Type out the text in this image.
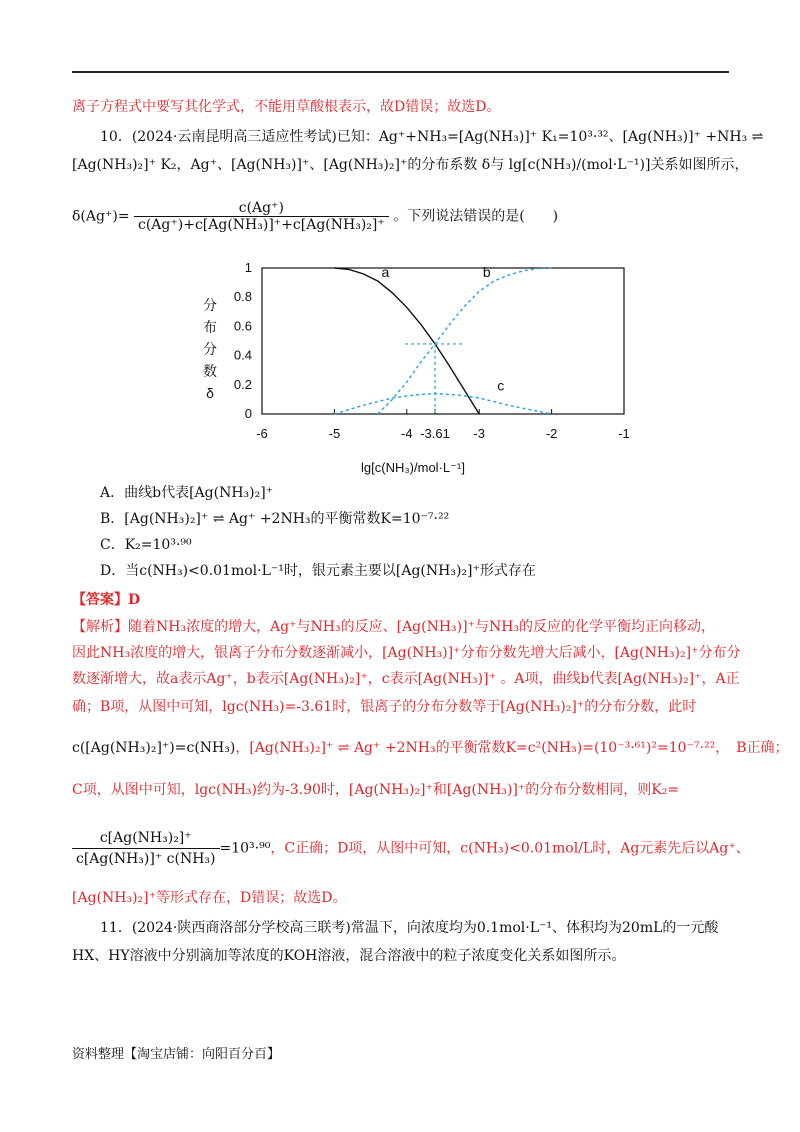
离子方程式中要写其化学式，不能用草酸根表示，故D错误；故选D。
10．(2024·云南昆明高三适应性考试)已知：Ag⁺+NH₃=[Ag(NH₃)]⁺ K₁=10³·³²、[Ag(NH₃)]⁺ +NH₃ ⇌
[Ag(NH₃)₂]⁺ K₂，Ag⁺、[Ag(NH₃)]⁺、[Ag(NH₃)₂]⁺的分布系数 δ与 lg[c(NH₃)/(mol·L⁻¹)]关系如图所示，
$\delta(Ag^+)= \frac{c(Ag^+)}{\text{c(Ag⁺)+c[Ag(NH₃)]⁺+c[Ag(NH₃)₂]⁺}}$ 。下列说法错误的是(　　)
1
0.8
0.6
0.4
0.2
0
-6	-5	-4 -3.61 -3	-2	-1
分
布
分
数
δ
lg[c(NH₃)/mol·L⁻¹]
a	b
c
A．曲线b代表[Ag(NH₃)₂]⁺
B．[Ag(NH₃)₂]⁺ ⇌ Ag⁺ +2NH₃的平衡常数K=10⁻⁷·²²
C．K₂=10³·⁹⁰
D．当c(NH₃)<0.01mol·L⁻¹时，银元素主要以[Ag(NH₃)₂]⁺形式存在
【答案】D
【解析】随着NH₃浓度的增大，Ag⁺与NH₃的反应、[Ag(NH₃)]⁺与NH₃的反应的化学平衡均正向移动，
因此NH₃浓度的增大，银离子分布分数逐渐减小，[Ag(NH₃)]⁺分布分数先增大后减小，[Ag(NH₃)₂]⁺分布分
数逐渐增大，故a表示Ag⁺，b表示[Ag(NH₃)₂]⁺，c表示[Ag(NH₃)]⁺ 。A项，曲线b代表[Ag(NH₃)₂]⁺，A正
确；B项，从图中可知，lgc(NH₃)=-3.61时，银离子的分布分数等于[Ag(NH₃)₂]⁺的分布分数，此时
c([Ag(NH₃)₂]⁺)=c(NH₃)，[Ag(NH₃)₂]⁺ ⇌ Ag⁺ +2NH₃的平衡常数K=c²(NH₃)=(10⁻³·⁶¹)²=10⁻⁷·²²，　B正确；
C项，从图中可知，lgc(NH₃)约为-3.90时，[Ag(NH₃)₂]⁺和[Ag(NH₃)]⁺的分布分数相同，则K₂=
$\frac{\text{c[Ag(NH₃)₂]⁺}}{\text{c[Ag(NH₃)]⁺ c(NH₃)}} =10^3\cdot^{90}$，C正确；D项，从图中可知，c(NH₃)<0.01mol/L时，Ag元素先后以Ag⁺、
[Ag(NH₃)₂]⁺等形式存在，D错误；故选D。
11．(2024·陕西商洛部分学校高三联考)常温下，向浓度均为0.1mol·L⁻¹、体积均为20mL的一元酸
HX、HY溶液中分别滴加等浓度的KOH溶液，混合溶液中的粒子浓度变化关系如图所示。
资料整理【淘宝店铺：向阳百分百】
